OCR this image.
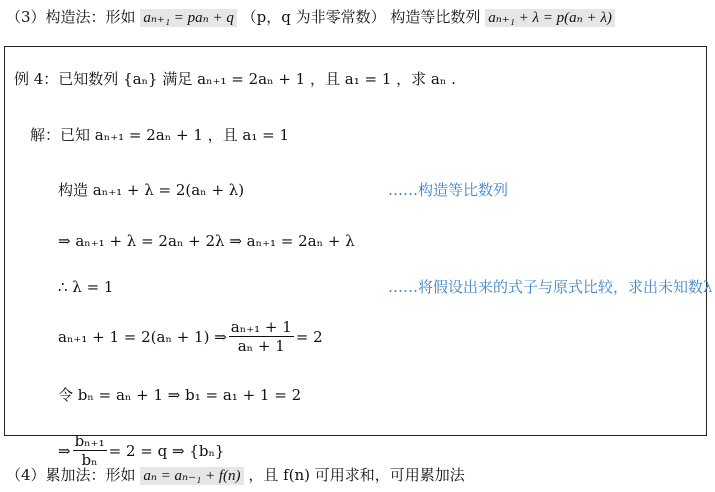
（3）构造法：形如 aₙ₊₁ = paₙ + q （p，q 为非零常数） 构造等比数列 aₙ₊₁ + λ = p(aₙ + λ)
例 4：已知数列 {aₙ} 满足 aₙ₊₁ = 2aₙ + 1 ，且 a₁ = 1 ，求 aₙ .
解：已知 aₙ₊₁ = 2aₙ + 1 ，且 a₁ = 1
构造 aₙ₊₁ + λ = 2(aₙ + λ)	……构造等比数列
⇒ aₙ₊₁ + λ = 2aₙ + 2λ ⇒ aₙ₊₁ = 2aₙ + λ
∴ λ = 1	……将假设出来的式子与原式比较，求出未知数λ
aₙ₊₁ + 1 = 2(aₙ + 1) ⇒ $\frac{\text{aₙ₊₁ + 1}}{\text{aₙ + 1}} = 2$
令 bₙ = aₙ + 1 ⇒ b₁ = a₁ + 1 = 2
⇒ $\frac{\text{bₙ₊₁}}{\text{bₙ}} = 2 = q$ ⇒ {bₙ}
（4）累加法：形如 aₙ = aₙ₋₁ + f(n) ，且 f(n) 可用求和，可用累加法
